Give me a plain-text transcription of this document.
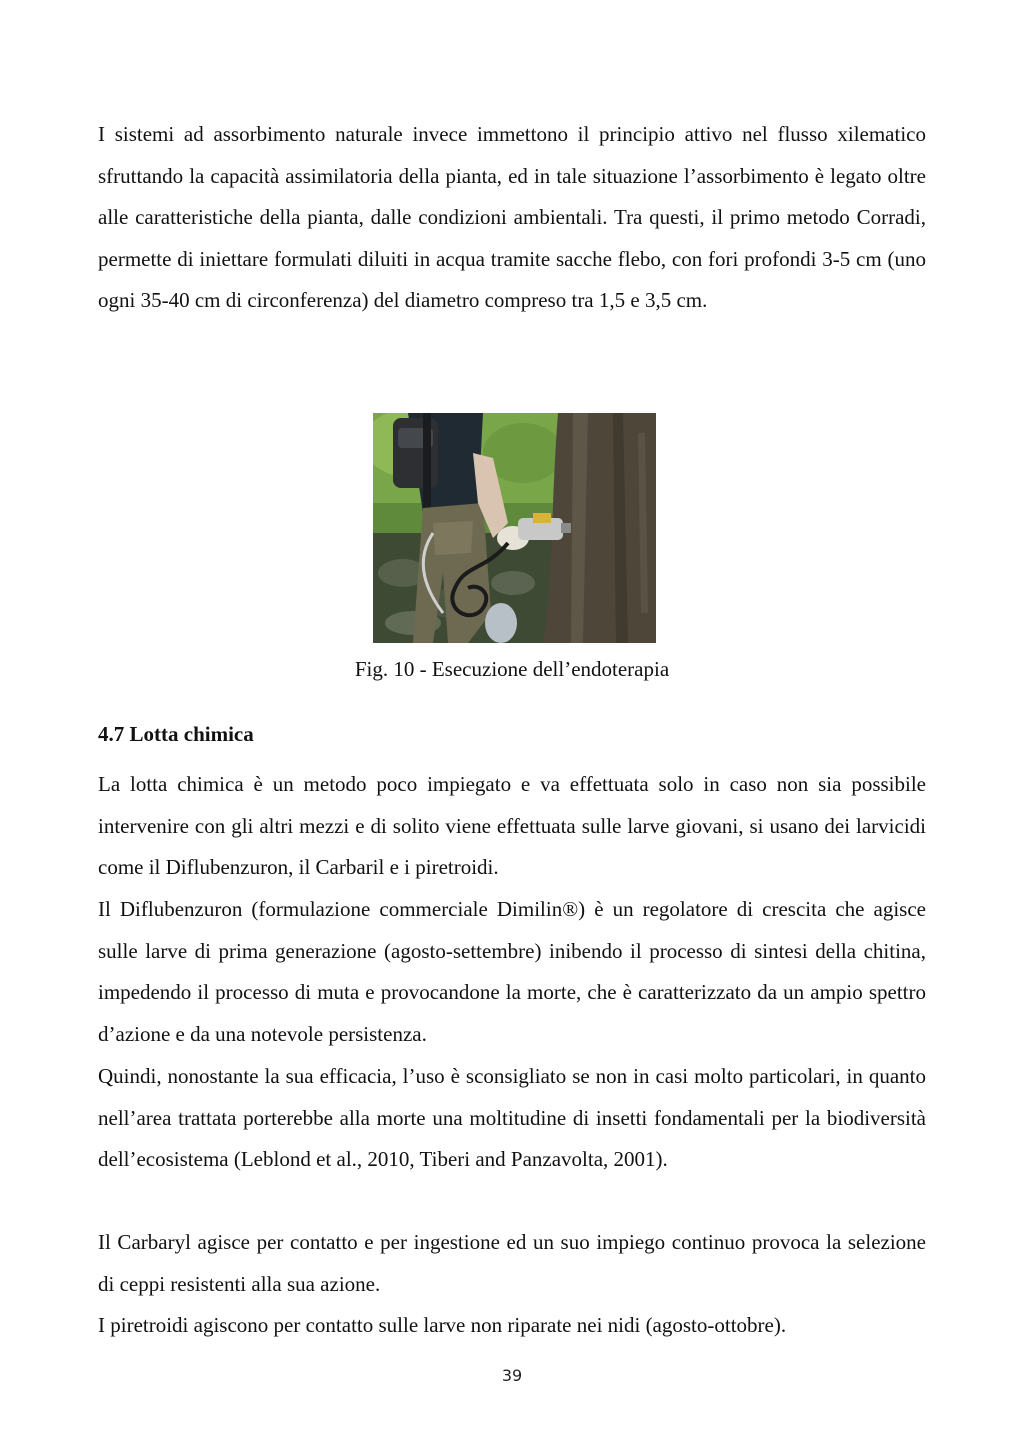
I sistemi ad assorbimento naturale invece immettono il principio attivo nel flusso xilematico sfruttando la capacità assimilatoria della pianta, ed in tale situazione l’assorbimento è legato oltre alle caratteristiche della pianta, dalle condizioni ambientali. Tra questi, il primo metodo Corradi, permette di iniettare formulati diluiti in acqua tramite sacche flebo, con fori profondi 3-5 cm (uno ogni 35-40 cm di circonferenza) del diametro compreso tra 1,5 e 3,5 cm.

Fig. 10 - Esecuzione dell’endoterapia

4.7 Lotta chimica

La lotta chimica è un metodo poco impiegato e va effettuata solo in caso non sia possibile intervenire con gli altri mezzi e di solito viene effettuata sulle larve giovani, si usano dei larvicidi come il Diflubenzuron, il Carbaril e i piretroidi.

Il Diflubenzuron (formulazione commerciale Dimilin®) è un regolatore di crescita che agisce sulle larve di prima generazione (agosto-settembre) inibendo il processo di sintesi della chitina, impedendo il processo di muta e provocandone la morte, che è caratterizzato da un ampio spettro d’azione e da una notevole persistenza.

Quindi, nonostante la sua efficacia, l’uso è sconsigliato se non in casi molto particolari, in quanto nell’area trattata porterebbe alla morte una moltitudine di insetti fondamentali per la biodiversità dell’ecosistema (Leblond et al., 2010, Tiberi and Panzavolta, 2001).

Il Carbaryl agisce per contatto e per ingestione ed un suo impiego continuo provoca la selezione di ceppi resistenti alla sua azione.

I piretroidi agiscono per contatto sulle larve non riparate nei nidi (agosto-ottobre).

39
